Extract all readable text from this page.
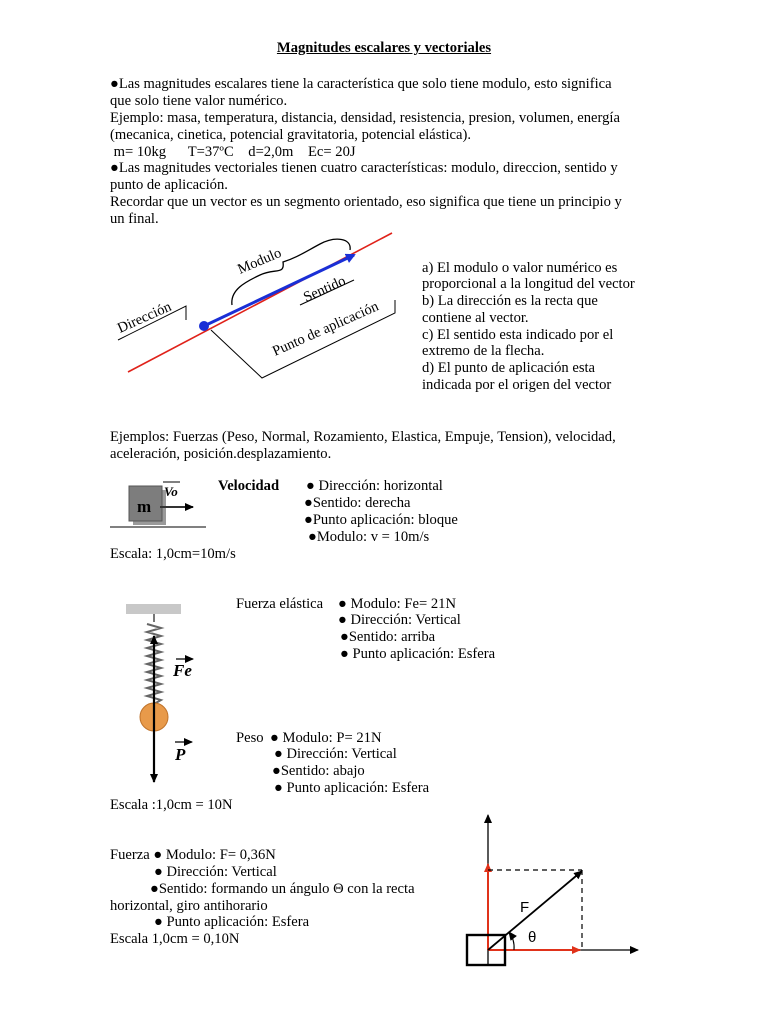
Magnitudes escalares y vectoriales
●Las magnitudes escalares tiene la característica que solo tiene modulo, esto significa
que solo tiene valor numérico.
Ejemplo: masa, temperatura, distancia, densidad, resistencia, presion, volumen, energía
(mecanica, cinetica, potencial gravitatoria, potencial elástica).
m= 10kg      T=37ºC    d=2,0m    Ec= 20J
●Las magnitudes vectoriales tienen cuatro características: modulo, direccion, sentido y
punto de aplicación.
Recordar que un vector es un segmento orientado, eso significa que tiene un principio y
un final.
Modulo
Dirección
Sentido
Punto de aplicación
m
Vo
Fe
P
F
θ
a) El modulo o valor numérico es
proporcional a la longitud del vector
b) La dirección es la recta que
contiene al vector.
c) El sentido esta indicado por el
extremo de la flecha.
d) El punto de aplicación esta
indicada por el origen del vector
Ejemplos: Fuerzas (Peso, Normal, Rozamiento, Elastica, Empuje, Tension), velocidad,
aceleración, posición.desplazamiento.
Velocidad ● Dirección: horizontal
●Sentido: derecha
●Punto aplicación: bloque
●Modulo: v = 10m/s
Escala: 1,0cm=10m/s
Fuerza elástica ● Modulo: Fe= 21N
● Dirección: Vertical
●Sentido: arriba
● Punto aplicación: Esfera
Peso ● Modulo: P= 21N
● Dirección: Vertical
●Sentido: abajo
● Punto aplicación: Esfera
Escala :1,0cm = 10N
Fuerza ● Modulo: F= 0,36N
● Dirección: Vertical
●Sentido: formando un ángulo Θ con la recta
horizontal, giro antihorario
● Punto aplicación: Esfera
Escala 1,0cm = 0,10N
